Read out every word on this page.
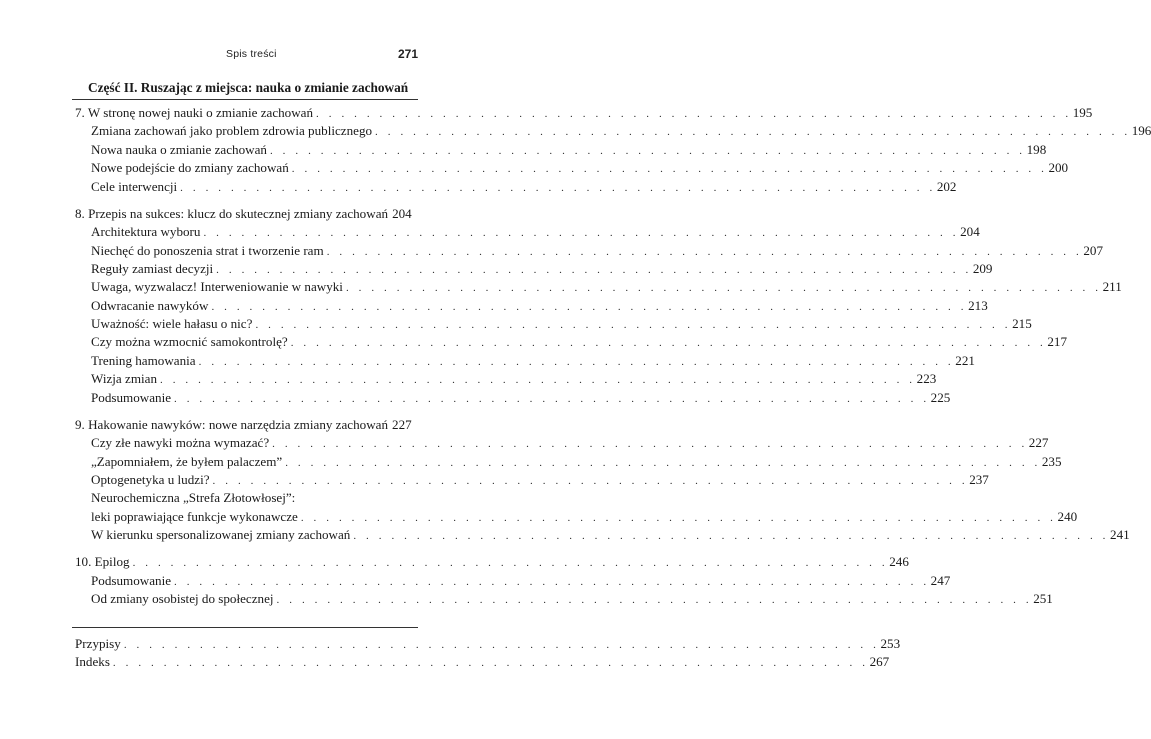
Spis treści	271
Część II. Ruszając z miejsca: nauka o zmianie zachowań
7. W stronę nowej nauki o zmianie zachowań . . . . . . . . . . . . . . . . . . . . . . . . . . . . . . . . . . . . . . . . . . . . . . . . . . . . . . . . . . . . 195
Zmiana zachowań jako problem zdrowia publicznego . . . . . . . . . . . . . . . . . . . . . . . . . . . . . . . . . . . . . . . . . . . . . . . . . . . . . . . . . . . . 196
Nowa nauka o zmianie zachowań . . . . . . . . . . . . . . . . . . . . . . . . . . . . . . . . . . . . . . . . . . . . . . . . . . . . . . . . . . . . 198
Nowe podejście do zmiany zachowań . . . . . . . . . . . . . . . . . . . . . . . . . . . . . . . . . . . . . . . . . . . . . . . . . . . . . . . . . . . . 200
Cele interwencji . . . . . . . . . . . . . . . . . . . . . . . . . . . . . . . . . . . . . . . . . . . . . . . . . . . . . . . . . . . . 202
8. Przepis na sukces: klucz do skutecznej zmiany zachowań 204
Architektura wyboru . . . . . . . . . . . . . . . . . . . . . . . . . . . . . . . . . . . . . . . . . . . . . . . . . . . . . . . . . . . . 204
Niechęć do ponoszenia strat i tworzenie ram . . . . . . . . . . . . . . . . . . . . . . . . . . . . . . . . . . . . . . . . . . . . . . . . . . . . . . . . . . . . 207
Reguły zamiast decyzji . . . . . . . . . . . . . . . . . . . . . . . . . . . . . . . . . . . . . . . . . . . . . . . . . . . . . . . . . . . . 209
Uwaga, wyzwalacz! Interweniowanie w nawyki . . . . . . . . . . . . . . . . . . . . . . . . . . . . . . . . . . . . . . . . . . . . . . . . . . . . . . . . . . . . 211
Odwracanie nawyków . . . . . . . . . . . . . . . . . . . . . . . . . . . . . . . . . . . . . . . . . . . . . . . . . . . . . . . . . . . . 213
Uważność: wiele hałasu o nic? . . . . . . . . . . . . . . . . . . . . . . . . . . . . . . . . . . . . . . . . . . . . . . . . . . . . . . . . . . . . 215
Czy można wzmocnić samokontrolę? . . . . . . . . . . . . . . . . . . . . . . . . . . . . . . . . . . . . . . . . . . . . . . . . . . . . . . . . . . . . 217
Trening hamowania . . . . . . . . . . . . . . . . . . . . . . . . . . . . . . . . . . . . . . . . . . . . . . . . . . . . . . . . . . . . 221
Wizja zmian . . . . . . . . . . . . . . . . . . . . . . . . . . . . . . . . . . . . . . . . . . . . . . . . . . . . . . . . . . . . 223
Podsumowanie . . . . . . . . . . . . . . . . . . . . . . . . . . . . . . . . . . . . . . . . . . . . . . . . . . . . . . . . . . . . 225
9. Hakowanie nawyków: nowe narzędzia zmiany zachowań 227
Czy złe nawyki można wymazać? . . . . . . . . . . . . . . . . . . . . . . . . . . . . . . . . . . . . . . . . . . . . . . . . . . . . . . . . . . . . 227
„Zapomniałem, że byłem palaczem” . . . . . . . . . . . . . . . . . . . . . . . . . . . . . . . . . . . . . . . . . . . . . . . . . . . . . . . . . . . . 235
Optogenetyka u ludzi? . . . . . . . . . . . . . . . . . . . . . . . . . . . . . . . . . . . . . . . . . . . . . . . . . . . . . . . . . . . . 237
Neurochemiczna „Strefa Złotowłosej”:
leki poprawiające funkcje wykonawcze . . . . . . . . . . . . . . . . . . . . . . . . . . . . . . . . . . . . . . . . . . . . . . . . . . . . . . . . . . . . 240
W kierunku spersonalizowanej zmiany zachowań . . . . . . . . . . . . . . . . . . . . . . . . . . . . . . . . . . . . . . . . . . . . . . . . . . . . . . . . . . . . 241
10. Epilog . . . . . . . . . . . . . . . . . . . . . . . . . . . . . . . . . . . . . . . . . . . . . . . . . . . . . . . . . . . . 246
Podsumowanie . . . . . . . . . . . . . . . . . . . . . . . . . . . . . . . . . . . . . . . . . . . . . . . . . . . . . . . . . . . . 247
Od zmiany osobistej do społecznej . . . . . . . . . . . . . . . . . . . . . . . . . . . . . . . . . . . . . . . . . . . . . . . . . . . . . . . . . . . . 251
Przypisy . . . . . . . . . . . . . . . . . . . . . . . . . . . . . . . . . . . . . . . . . . . . . . . . . . . . . . . . . . . . 253
Indeks . . . . . . . . . . . . . . . . . . . . . . . . . . . . . . . . . . . . . . . . . . . . . . . . . . . . . . . . . . . . 267
